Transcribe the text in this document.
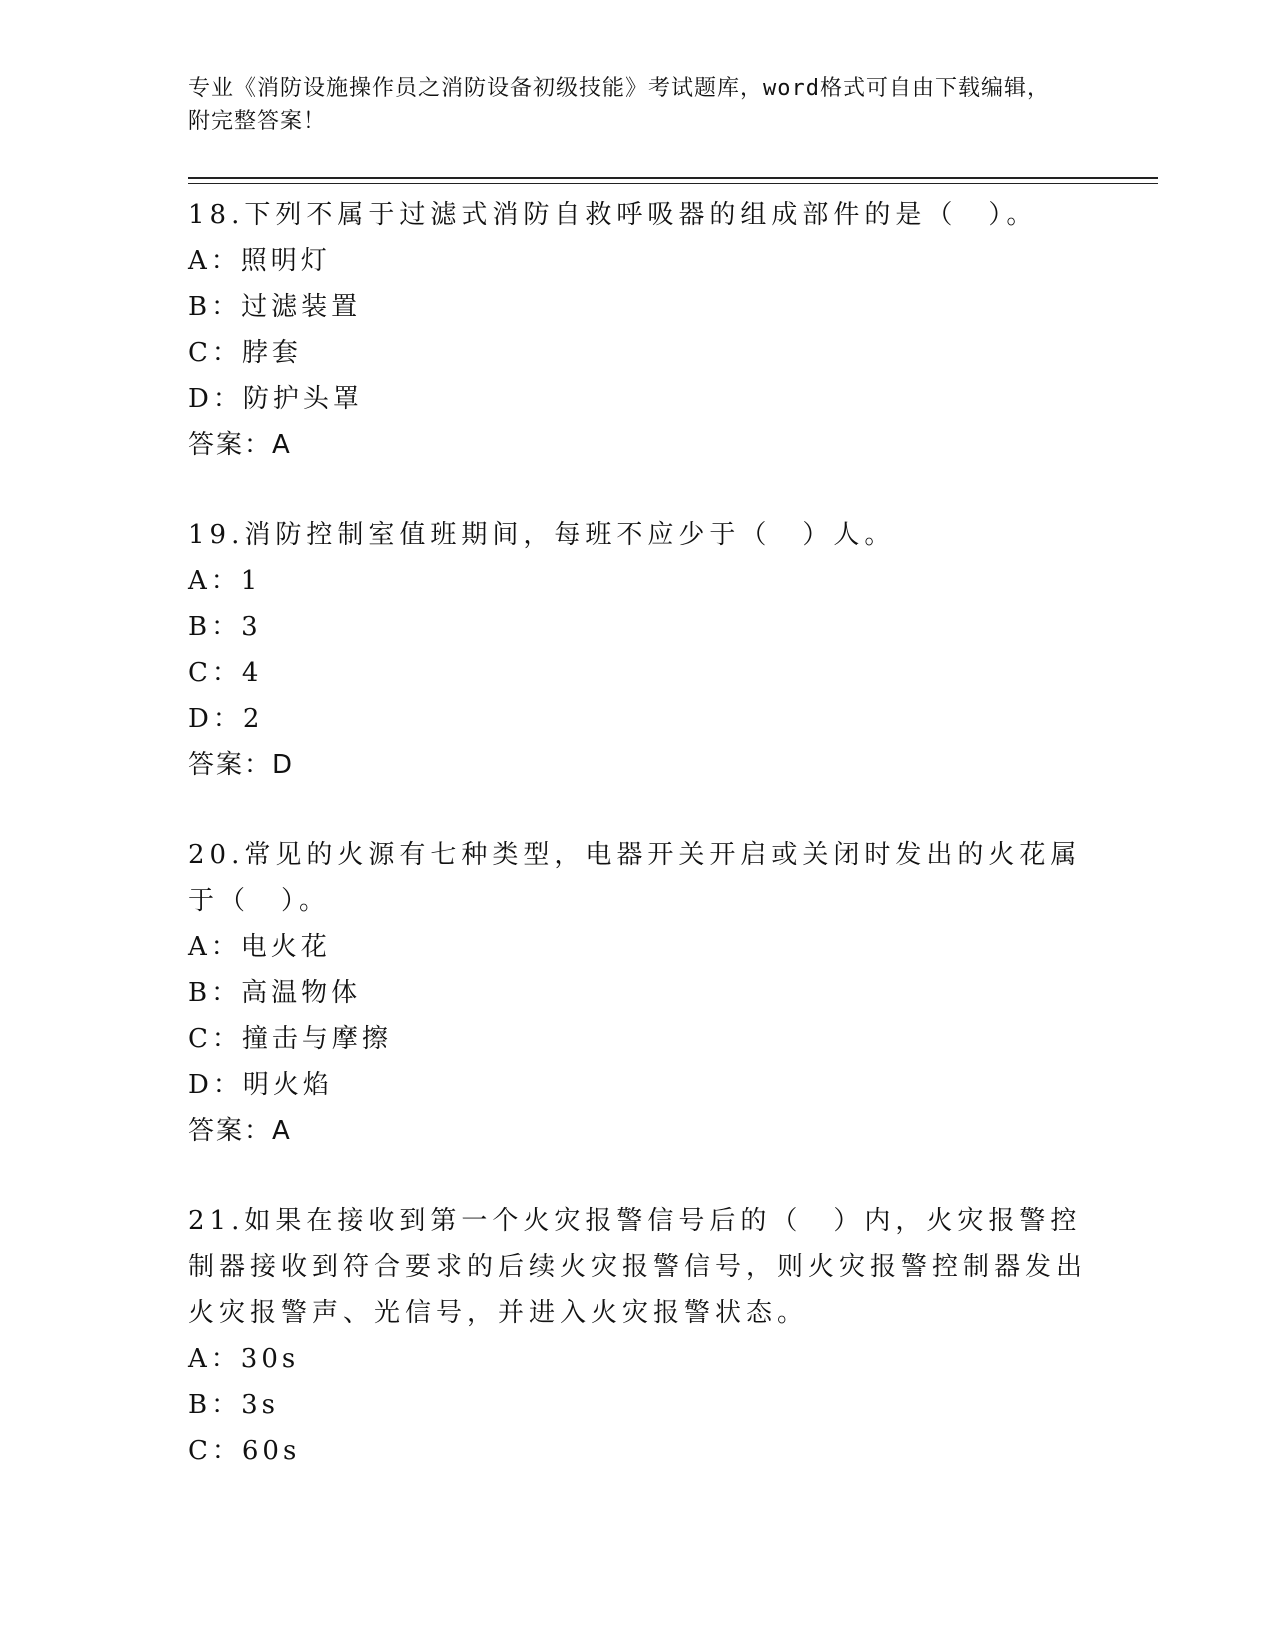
专业《消防设施操作员之消防设备初级技能》考试题库，word格式可自由下载编辑，附完整答案！

18.下列不属于过滤式消防自救呼吸器的组成部件的是（　）。

A：照明灯

B：过滤装置

C：脖套

D：防护头罩

答案：A

19.消防控制室值班期间，每班不应少于（　）人。

A：1

B：3

C：4

D：2

答案：D

20.常见的火源有七种类型，电器开关开启或关闭时发出的火花属于（　）。

A：电火花

B：高温物体

C：撞击与摩擦

D：明火焰

答案：A

21.如果在接收到第一个火灾报警信号后的（　）内，火灾报警控制器接收到符合要求的后续火灾报警信号，则火灾报警控制器发出火灾报警声、光信号，并进入火灾报警状态。

A：30s

B：3s

C：60s
